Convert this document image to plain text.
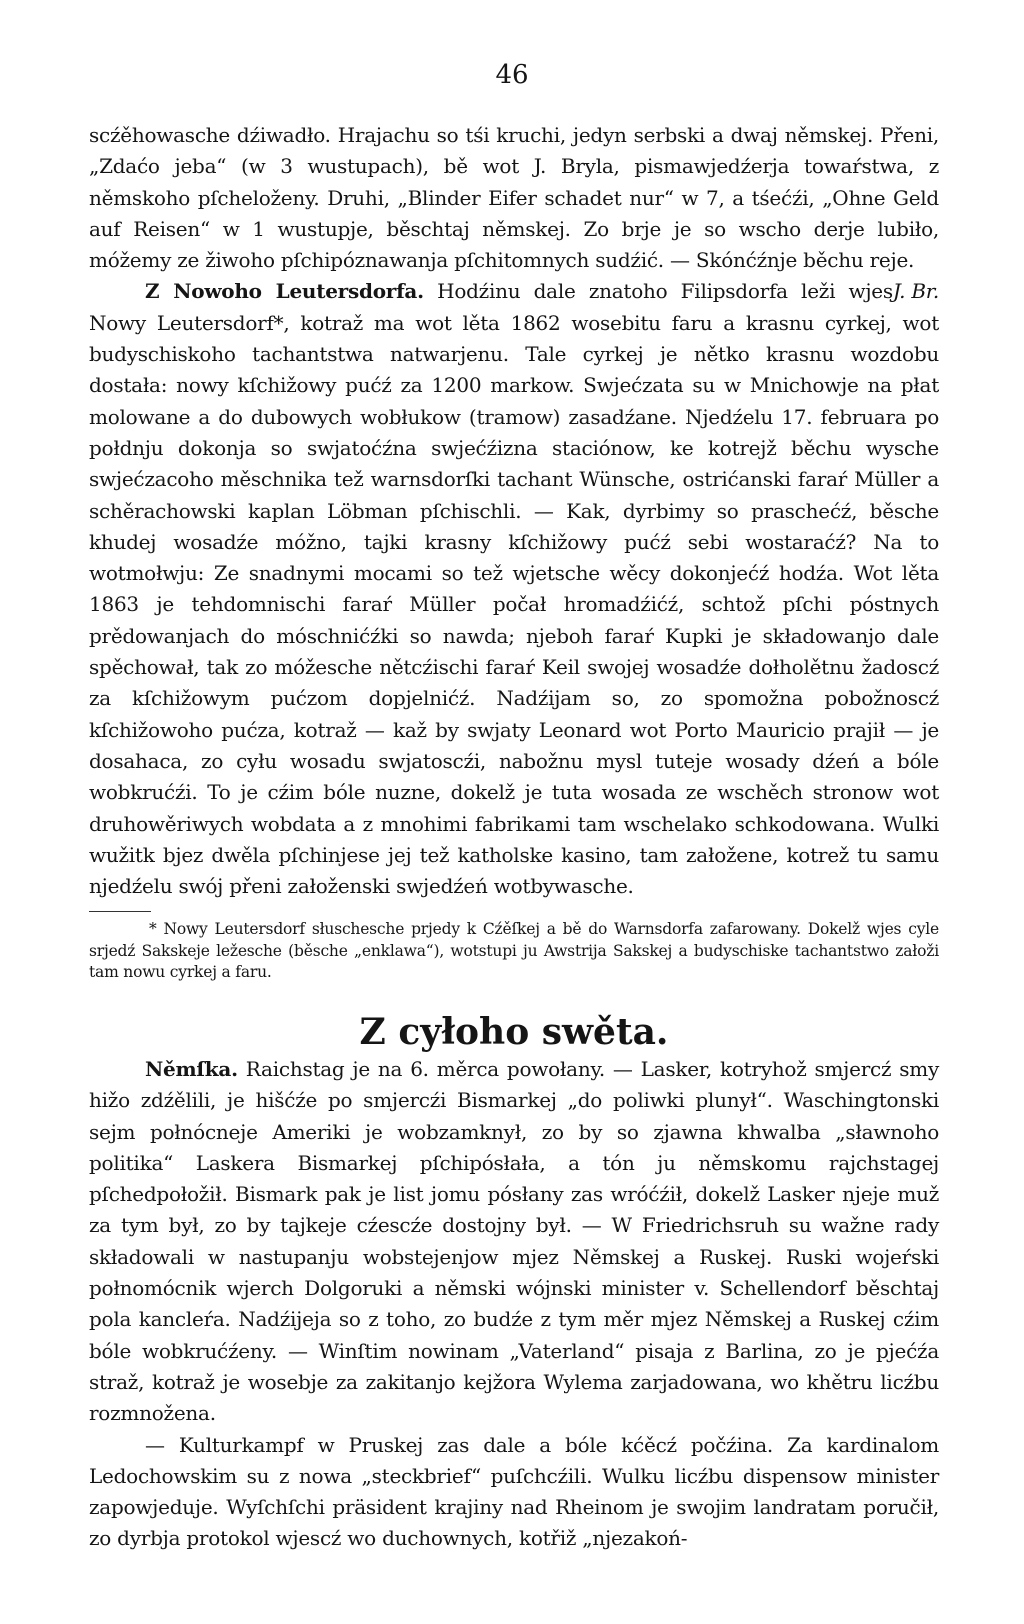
46

scźěhowasche dźiwadło. Hrajachu so tśi kruchi, jedyn serbski a dwaj němskej. Přeni, „Zdaćo jeba“ (w 3 wustupach), bě wot J. Bryla, pismawjedźerja towaŕstwa, z němskoho pſcheloženy. Druhi, „Blinder Eifer schadet nur“ w 7, a tśećźi, „Ohne Geld auf Reisen“ w 1 wustupje, běschtaj němskej. Zo brje je so wscho derje lubiło, móžemy ze žiwoho pſchipóznawanja pſchitomnych sudźić. — Skónćźnje běchu reje.
J. Br.

Z Nowoho Leutersdorfa. Hodźinu dale znatoho Filipsdorfa leži wjes Nowy Leutersdorf*, kotraž ma wot lěta 1862 wosebitu faru a krasnu cyrkej, wot budyschiskoho tachantstwa natwarjenu. Tale cyrkej je nětko krasnu wozdobu dostała: nowy kſchižowy pućź za 1200 markow. Swjećzata su w Mnichowje na płat molowane a do dubowych wobłukow (tramow) zasadźane. Njedźelu 17. februara po połdnju dokonja so swjatoćźna swjećźizna staciónow, ke kotrejž běchu wysche swjećzacoho měschnika tež warnsdorſki tachant Wünsche, ostrićanski faraŕ Müller a schěrachowski kaplan Löbman pſchischli. — Kak, dyrbimy so praschećź, běsche khudej wosadźe móžno, tajki krasny kſchižowy pućź sebi wostaraćź? Na to wotmołwju: Ze snadnymi mocami so tež wjetsche wěcy dokonjećź hodźa. Wot lěta 1863 je tehdomnischi faraŕ Müller počał hromadźićź, schtož pſchi póstnych prědowanjach do móschnićźki so nawda; njeboh faraŕ Kupki je składowanjo dale spěchował, tak zo móžesche nětcźischi faraŕ Keil swojej wosadźe dołholětnu žadoscź za kſchižowym pućzom dopjelnićź. Nadźijam so, zo spomožna pobožnoscź kſchižowoho pućza, kotraž — kaž by swjaty Leonard wot Porto Mauricio prajił — je dosahaca, zo cyłu wosadu swjatoscźi, nabožnu mysl tuteje wosady dźeń a bóle wobkrućźi. To je cźim bóle nuzne, dokelž je tuta wosada ze wschěch stronow wot druhowěriwych wobdata a z mnohimi fabrikami tam wschelako schkodowana. Wulki wužitk bjez dwěla pſchinjese jej tež katholske kasino, tam załožene, kotrež tu samu njedźelu swój přeni załoženski swjedźeń wotbywasche.

* Nowy Leutersdorf słuschesche prjedy k Cźěſkej a bě do Warnsdorfa zafarowany. Dokelž wjes cyle srjedź Sakskeje ležesche (běsche „enklawa“), wotstupi ju Awstrija Sakskej a budyschiske tachantstwo załoži tam nowu cyrkej a faru.

Z cyłoho swěta.

Němſka. Raichstag je na 6. měrca powołany. — Lasker, kotryhož smjercź smy hižo zdźělili, je hišćźe po smjercźi Bismarkej „do poliwki plunył“. Waschingtonski sejm połnócneje Ameriki je wobzamknył, zo by so zjawna khwalba „sławnoho politika“ Laskera Bismarkej pſchipósłała, a tón ju němskomu rajchstagej pſchedpołožił. Bismark pak je list jomu pósłany zas wróćźił, dokelž Lasker njeje muž za tym był, zo by tajkeje cźescźe dostojny był. — W Friedrichsruh su wažne rady składowali w nastupanju wobstejenjow mjez Němskej a Ruskej. Ruski wojeŕski połnomócnik wjerch Dolgoruki a němski wójnski minister v. Schellendorf běschtaj pola kancleŕa. Nadźijeja so z toho, zo budźe z tym měr mjez Němskej a Ruskej cźim bóle wobkrućźeny. — Winſtim nowinam „Vaterland“ pisaja z Barlina, zo je pjećźa straž, kotraž je wosebje za zakitanjo kejžora Wylema zarjadowana, wo khětru licźbu rozmnožena.

— Kulturkampf w Pruskej zas dale a bóle kćěcź počźina. Za kardinalom Ledochowskim su z nowa „steckbrief“ puſchcźili. Wulku licźbu dispensow minister zapowjeduje. Wyſchſchi präsident krajiny nad Rheinom je swojim landratam poručił, zo dyrbja protokol wjescź wo duchownych, kotřiž „njezakoń-
